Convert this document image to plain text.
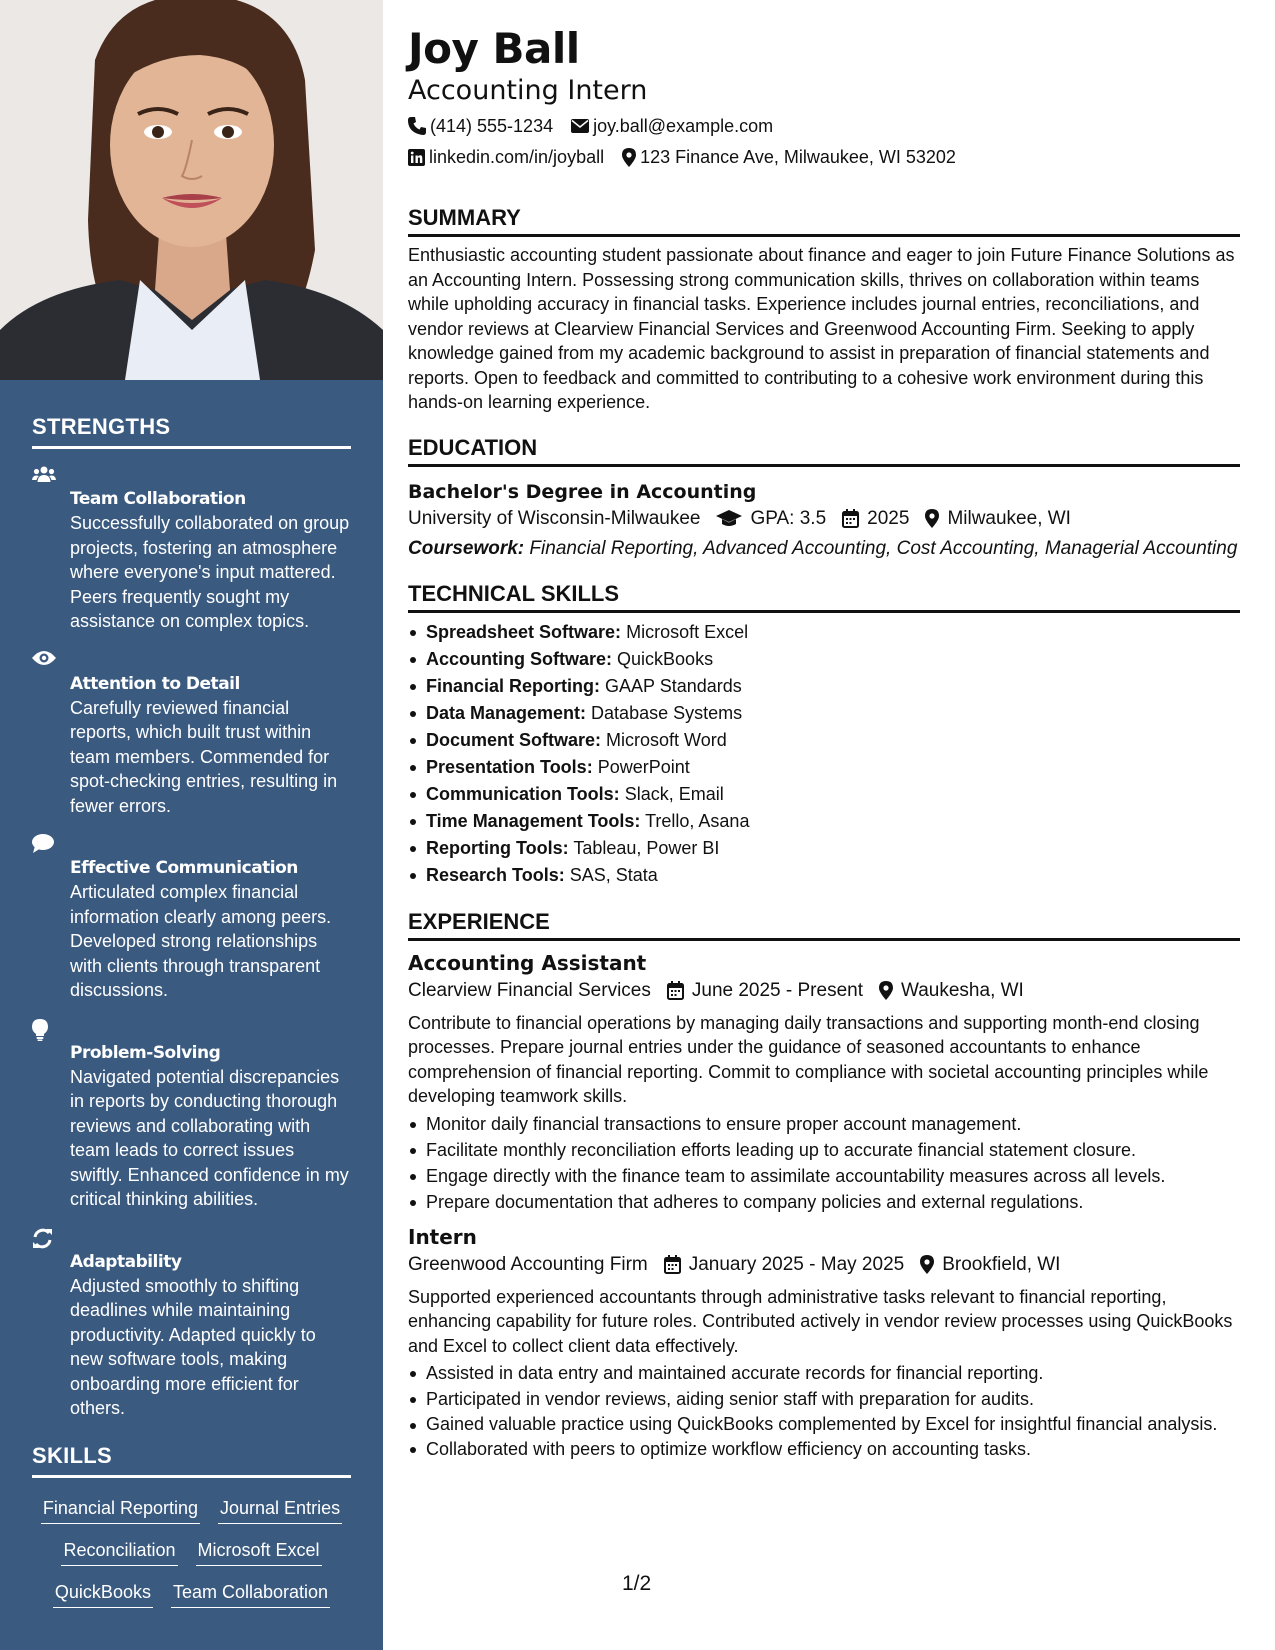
STRENGTHS
Team Collaboration
Successfully collaborated on group projects, fostering an atmosphere where everyone's input mattered. Peers frequently sought my assistance on complex topics.
Attention to Detail
Carefully reviewed financial reports, which built trust within team members. Commended for spot-checking entries, resulting in fewer errors.
Effective Communication
Articulated complex financial information clearly among peers. Developed strong relationships with clients through transparent discussions.
Problem-Solving
Navigated potential discrepancies in reports by conducting thorough reviews and collaborating with team leads to correct issues swiftly. Enhanced confidence in my critical thinking abilities.
Adaptability
Adjusted smoothly to shifting deadlines while maintaining productivity. Adapted quickly to new software tools, making onboarding more efficient for others.
SKILLS
Financial Reporting Journal Entries
Reconciliation Microsoft Excel
QuickBooks Team Collaboration
Joy Ball
Accounting Intern
(414) 555-1234 joy.ball@example.com
linkedin.com/in/joyball 123 Finance Ave, Milwaukee, WI 53202
SUMMARY
Enthusiastic accounting student passionate about finance and eager to join Future Finance Solutions as an Accounting Intern. Possessing strong communication skills, thrives on collaboration within teams while upholding accuracy in financial tasks. Experience includes journal entries, reconciliations, and vendor reviews at Clearview Financial Services and Greenwood Accounting Firm. Seeking to apply knowledge gained from my academic background to assist in preparation of financial statements and reports. Open to feedback and committed to contributing to a cohesive work environment during this hands-on learning experience.
EDUCATION
Bachelor's Degree in Accounting
University of Wisconsin-Milwaukee	GPA: 3.5 2025 Milwaukee, WI
Coursework: Financial Reporting, Advanced Accounting, Cost Accounting, Managerial Accounting
TECHNICAL SKILLS
Spreadsheet Software: Microsoft Excel
Accounting Software: QuickBooks
Financial Reporting: GAAP Standards
Data Management: Database Systems
Document Software: Microsoft Word
Presentation Tools: PowerPoint
Communication Tools: Slack, Email
Time Management Tools: Trello, Asana
Reporting Tools: Tableau, Power BI
Research Tools: SAS, Stata
EXPERIENCE
Accounting Assistant
Clearview Financial Services June 2025 - Present Waukesha, WI
Contribute to financial operations by managing daily transactions and supporting month-end closing processes. Prepare journal entries under the guidance of seasoned accountants to enhance comprehension of financial reporting. Commit to compliance with societal accounting principles while developing teamwork skills.
Monitor daily financial transactions to ensure proper account management.
Facilitate monthly reconciliation efforts leading up to accurate financial statement closure.
Engage directly with the finance team to assimilate accountability measures across all levels.
Prepare documentation that adheres to company policies and external regulations.
Intern
Greenwood Accounting Firm January 2025 - May 2025 Brookfield, WI
Supported experienced accountants through administrative tasks relevant to financial reporting, enhancing capability for future roles. Contributed actively in vendor review processes using QuickBooks and Excel to collect client data effectively.
Assisted in data entry and maintained accurate records for financial reporting.
Participated in vendor reviews, aiding senior staff with preparation for audits.
Gained valuable practice using QuickBooks complemented by Excel for insightful financial analysis.
Collaborated with peers to optimize workflow efficiency on accounting tasks.
1/2
